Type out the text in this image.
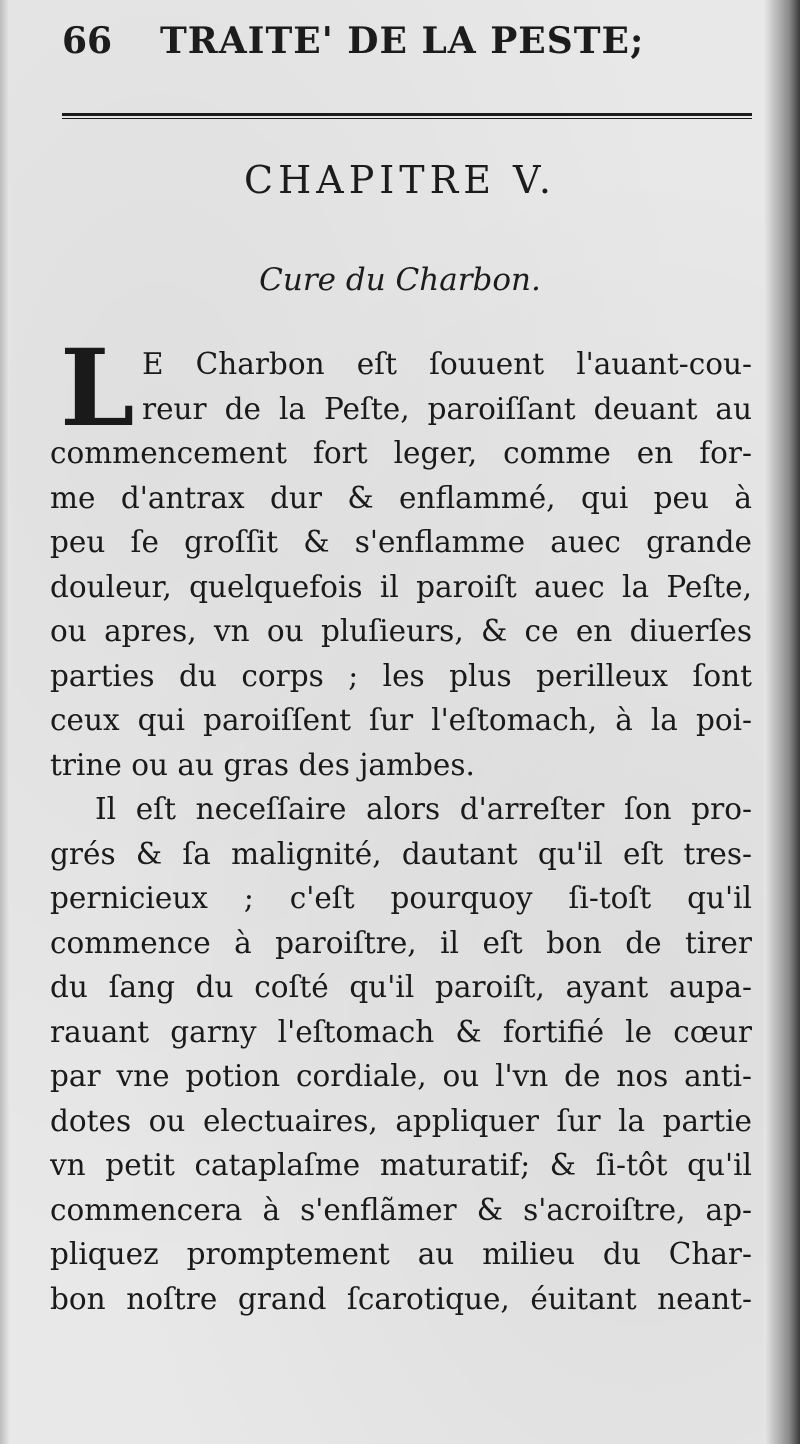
66 TRAITE' DE LA PESTE;
CHAPITRE V.
Cure du Charbon.
L E Charbon eſt ſouuent l'auant-cou-
reur de la Peſte, paroiſſant deuant au
commencement fort leger, comme en for-
me d'antrax dur & enflammé, qui peu à
peu ſe groſſit & s'enflamme auec grande
douleur, quelquefois il paroiſt auec la Peſte,
ou apres, vn ou pluſieurs, & ce en diuerſes
parties du corps ; les plus perilleux ſont
ceux qui paroiſſent ſur l'eſtomach, à la poi-
trine ou au gras des jambes.
Il eſt neceſſaire alors d'arreſter ſon pro-
grés & ſa malignité, dautant qu'il eſt tres-
pernicieux ; c'eſt pourquoy ſi-toſt qu'il
commence à paroiſtre, il eſt bon de tirer
du ſang du coſté qu'il paroiſt, ayant aupa-
rauant garny l'eſtomach & fortifié le cœur
par vne potion cordiale, ou l'vn de nos anti-
dotes ou electuaires, appliquer ſur la partie
vn petit cataplaſme maturatif; & ſi-tôt qu'il
commencera à s'enflãmer & s'acroiſtre, ap-
pliquez promptement au milieu du Char-
bon noſtre grand ſcarotique, éuitant neant-
